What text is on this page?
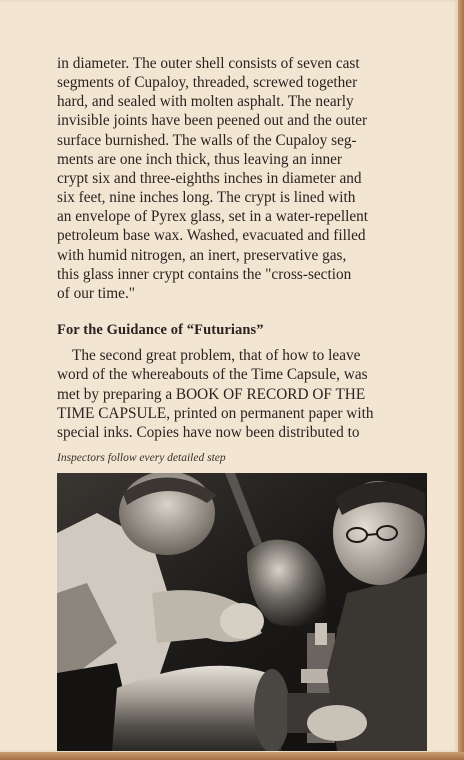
in diameter. The outer shell consists of seven cast
segments of Cupaloy, threaded, screwed together
hard, and sealed with molten asphalt. The nearly
invisible joints have been peened out and the outer
surface burnished. The walls of the Cupaloy seg-
ments are one inch thick, thus leaving an inner
crypt six and three-eighths inches in diameter and
six feet, nine inches long. The crypt is lined with
an envelope of Pyrex glass, set in a water-repellent
petroleum base wax. Washed, evacuated and filled
with humid nitrogen, an inert, preservative gas,
this glass inner crypt contains the "cross-section
of our time."

For the Guidance of “Futurians”

The second great problem, that of how to leave
word of the whereabouts of the Time Capsule, was
met by preparing a BOOK OF RECORD OF THE
TIME CAPSULE, printed on permanent paper with
special inks. Copies have now been distributed to

Inspectors follow every detailed step
